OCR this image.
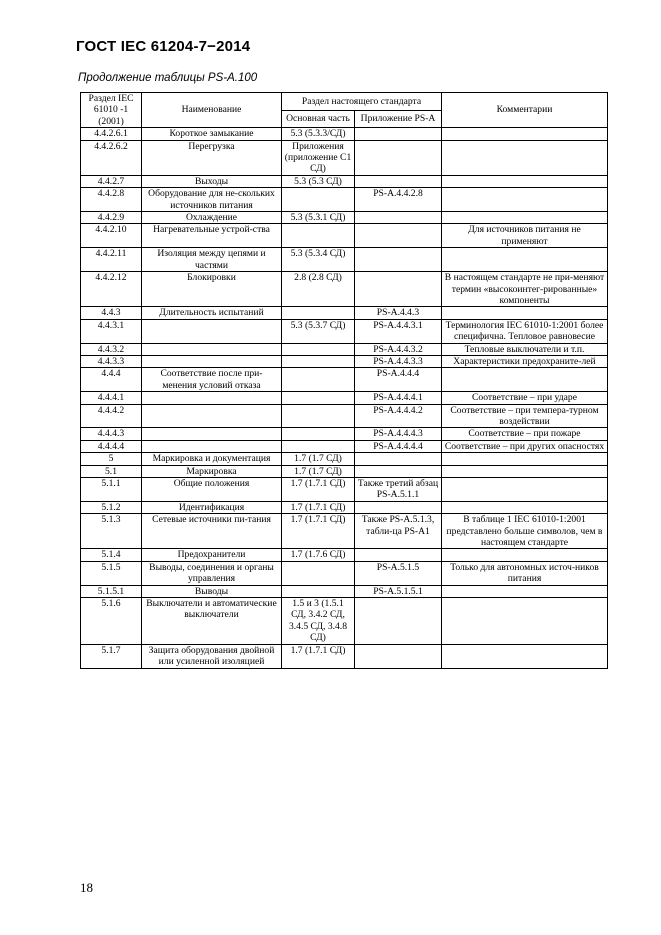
ГОСТ IEC 61204-7−2014
Продолжение таблицы PS-A.100
Раздел IEC 61010 -1 (2001)	Наименование	Раздел настоящего стандарта		Комментарии
		Основная часть	Приложение PS-A	
4.4.2.6.1	Короткое замыкание	5.3 (5.3.3/СД)		
4.4.2.6.2	Перегрузка	Приложения (приложение С1 СД)		
4.4.2.7	Выходы	5.3 (5.3 СД)		
4.4.2.8	Оборудование для не-скольких источников питания		PS-A.4.4.2.8	
4.4.2.9	Охлаждение	5.3 (5.3.1 СД)		
4.4.2.10	Нагревательные устрой-ства			Для источников питания не применяют
4.4.2.11	Изоляция между цепями и частями	5.3 (5.3.4 СД)		
4.4.2.12	Блокировки	2.8 (2.8 СД)		В настоящем стандарте не при-меняют термин «высокоинтег-рированные» компоненты
4.4.3	Длительность испытаний		PS-A.4.4.3	
4.4.3.1		5.3 (5.3.7 СД)	PS-A.4.4.3.1	Терминология IEC 61010-1:2001 более специфична. Тепловое равновесие
4.4.3.2			PS-A.4.4.3.2	Тепловые выключатели и т.п.
4.4.3.3			PS-A.4.4.3.3	Характеристики предохраните-лей
4.4.4	Соответствие после при-менения условий отказа		PS-A.4.4.4	
4.4.4.1			PS-A.4.4.4.1	Соответствие – при ударе
4.4.4.2			PS-A.4.4.4.2	Соответствие – при темпера-турном воздействии
4.4.4.3			PS-A.4.4.4.3	Соответствие – при пожаре
4.4.4.4			PS-A.4.4.4.4	Соответствие – при других опасностях
5	Маркировка и документация	1.7 (1.7 СД)		
5.1	Маркировка	1.7 (1.7 СД)		
5.1.1	Общие положения	1.7 (1.7.1 СД)	Также третий абзац PS-A.5.1.1	
5.1.2	Идентификация	1.7 (1.7.1 СД)		
5.1.3	Сетевые источники пи-тания	1.7 (1.7.1 СД)	Также PS-A.5.1.3, табли-ца PS-A1	В таблице 1 IEC 61010-1:2001 представлено больше символов, чем в настоящем стандарте
5.1.4	Предохранители	1.7 (1.7.6 СД)		
5.1.5	Выводы, соединения и органы управления		PS-A.5.1.5	Только для автономных источ-ников питания
5.1.5.1	Выводы		PS-A.5.1.5.1	
5.1.6	Выключатели и автоматические выключатели	1.5 и 3 (1.5.1 СД, 3.4.2 СД, 3.4.5 СД, 3.4.8 СД)		
5.1.7	Защита оборудования двойной или усиленной изоляцией	1.7 (1.7.1 СД)		
18
